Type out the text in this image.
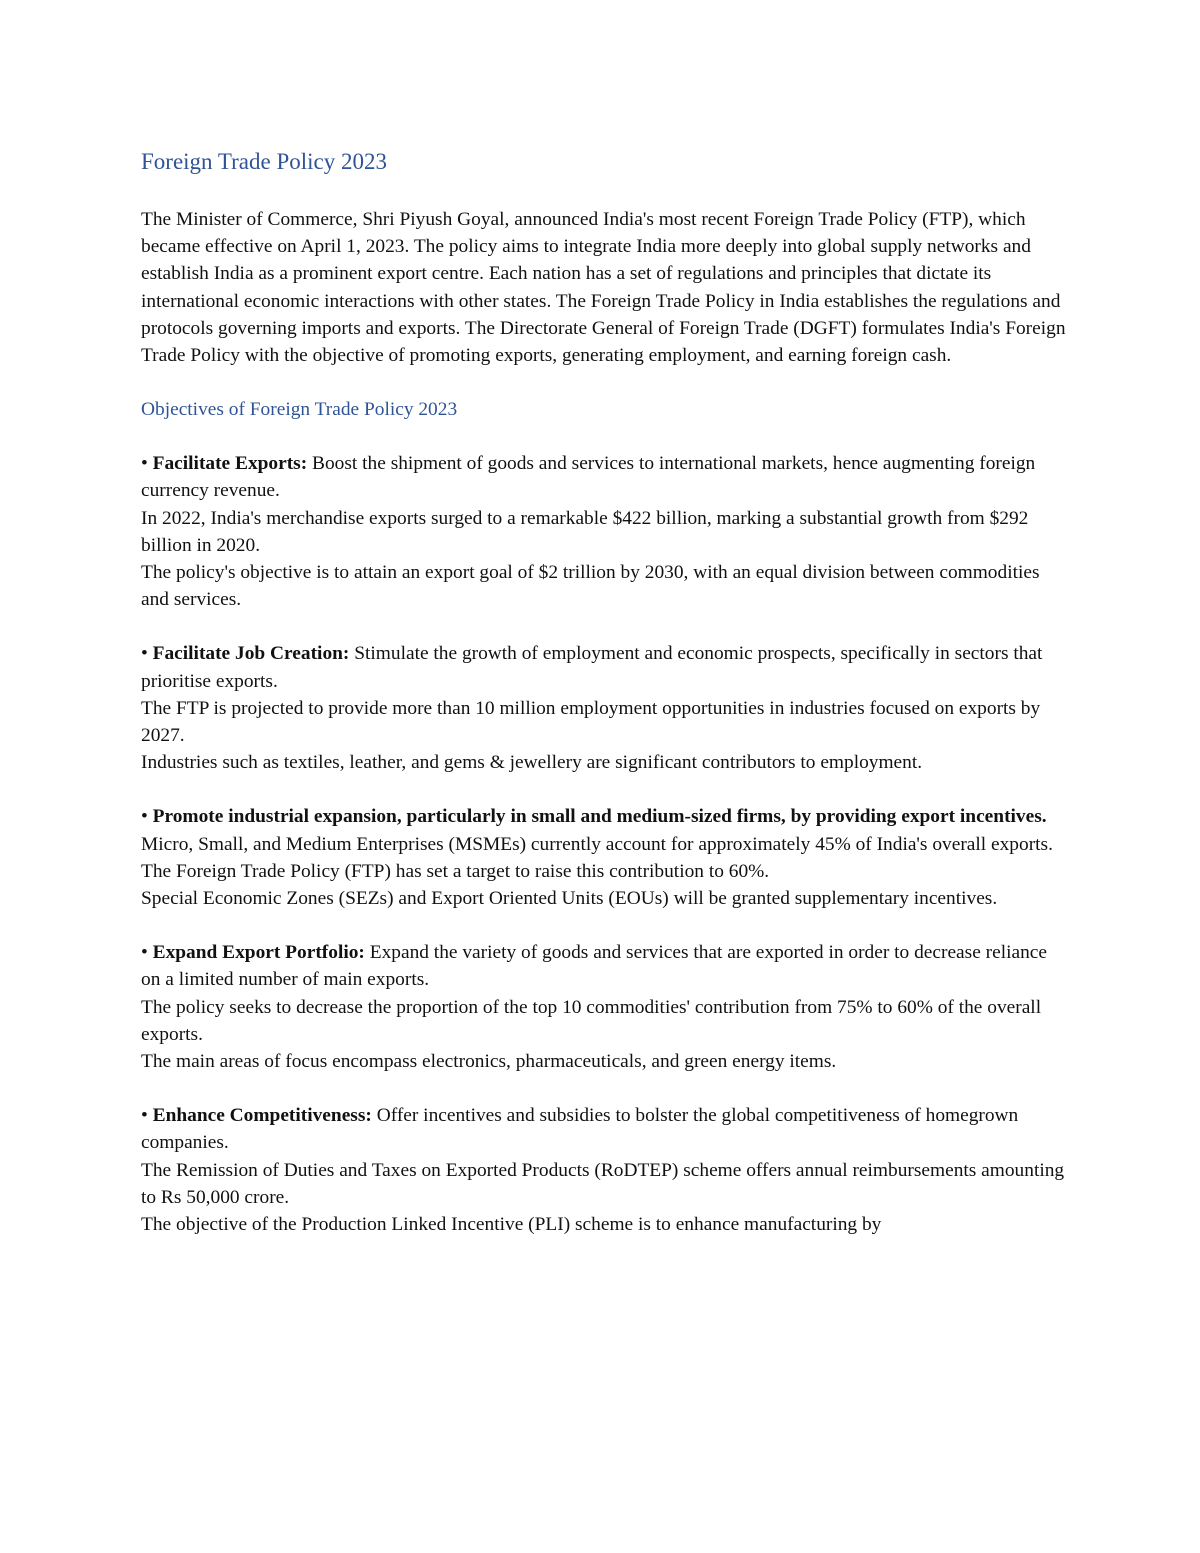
Foreign Trade Policy 2023

The Minister of Commerce, Shri Piyush Goyal, announced India's most recent Foreign Trade Policy (FTP), which became effective on April 1, 2023. The policy aims to integrate India more deeply into global supply networks and establish India as a prominent export centre. Each nation has a set of regulations and principles that dictate its international economic interactions with other states. The Foreign Trade Policy in India establishes the regulations and protocols governing imports and exports. The Directorate General of Foreign Trade (DGFT) formulates India's Foreign Trade Policy with the objective of promoting exports, generating employment, and earning foreign cash.

Objectives of Foreign Trade Policy 2023

• Facilitate Exports: Boost the shipment of goods and services to international markets, hence augmenting foreign currency revenue.

In 2022, India's merchandise exports surged to a remarkable $422 billion, marking a substantial growth from $292 billion in 2020.

The policy's objective is to attain an export goal of $2 trillion by 2030, with an equal division between commodities and services.

• Facilitate Job Creation: Stimulate the growth of employment and economic prospects, specifically in sectors that prioritise exports.

The FTP is projected to provide more than 10 million employment opportunities in industries focused on exports by 2027.

Industries such as textiles, leather, and gems & jewellery are significant contributors to employment.

• Promote industrial expansion, particularly in small and medium-sized firms, by providing export incentives.

Micro, Small, and Medium Enterprises (MSMEs) currently account for approximately 45% of India's overall exports. The Foreign Trade Policy (FTP) has set a target to raise this contribution to 60%.

Special Economic Zones (SEZs) and Export Oriented Units (EOUs) will be granted supplementary incentives.

• Expand Export Portfolio: Expand the variety of goods and services that are exported in order to decrease reliance on a limited number of main exports.

The policy seeks to decrease the proportion of the top 10 commodities' contribution from 75% to 60% of the overall exports.

The main areas of focus encompass electronics, pharmaceuticals, and green energy items.

• Enhance Competitiveness: Offer incentives and subsidies to bolster the global competitiveness of homegrown companies.

The Remission of Duties and Taxes on Exported Products (RoDTEP) scheme offers annual reimbursements amounting to Rs 50,000 crore.

The objective of the Production Linked Incentive (PLI) scheme is to enhance manufacturing by
